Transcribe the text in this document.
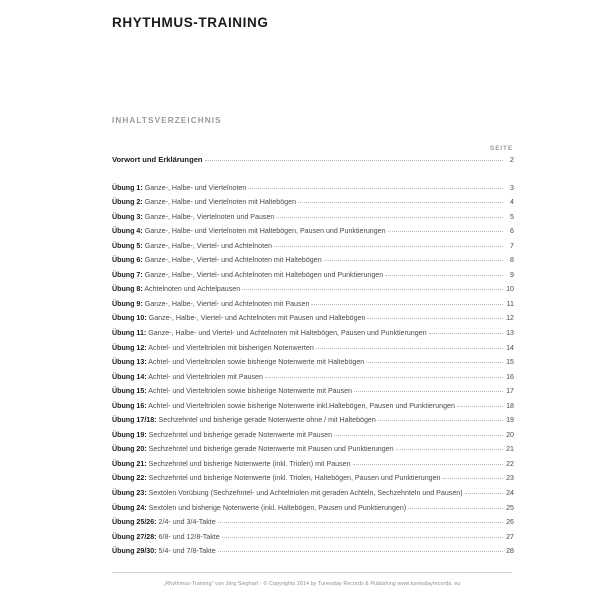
RHYTHMUS-TRAINING
INHALTSVERZEICHNIS
SEITE
Vorwort und Erklärungen	2
Übung 1: Ganze-, Halbe- und Viertelnoten	3
Übung 2: Ganze-, Halbe- und Viertelnoten mit Haltebögen	4
Übung 3: Ganze-, Halbe-, Viertelnoten und Pausen	5
Übung 4: Ganze-, Halbe- und Viertelnoten mit Haltebögen, Pausen und Punktierungen	6
Übung 5: Ganze-, Halbe-, Viertel- und Achtelnoten	7
Übung 6: Ganze-, Halbe-, Viertel- und Achtelnoten mit Haltebögen	8
Übung 7: Ganze-, Halbe-, Viertel- und Achtelnoten mit Haltebögen und Punktierungen	9
Übung 8: Achtelnoten und Achtelpausen	10
Übung 9: Ganze-, Halbe-, Viertel- und Achtelnoten mit Pausen	11
Übung 10: Ganze-, Halbe-, Viertel- und Achtelnoten mit Pausen und Haltebögen	12
Übung 11: Ganze-, Halbe- und Viertel- und Achtelnoten mit Haltebögen, Pausen und Punktierungen	13
Übung 12: Achtel- und Vierteltriolen mit bisherigen Notenwerten	14
Übung 13: Achtel- und Vierteltriolen sowie bisherige Notenwerte mit Haltebögen	15
Übung 14: Achtel- und Vierteltriolen mit Pausen	16
Übung 15: Achtel- und Vierteltriolen sowie bisherige Notenwerte mit Pausen	17
Übung 16: Achtel- und Vierteltriolen sowie bisherige Notenwerte inkl.Haltebögen, Pausen und Punktierungen	18
Übung 17/18: Sechzehntel und bisherige gerade Notenwerte ohne / mit Haltebögen	19
Übung 19: Sechzehntel und bisherige gerade Notenwerte mit Pausen	20
Übung 20: Sechzehntel und bisherige gerade Notenwerte mit Pausen und Punktierungen	21
Übung 21: Sechzehntel und bisherige Notenwerte (inkl. Triolen) mit Pausen	22
Übung 22: Sechzehntel und bisherige Notenwerte (inkl. Triolen, Haltebögen, Pausen und Punktierungen	23
Übung 23: Sextolen Vorübung (Sechzehntel- und Achteltriolen mit geraden Achteln, Sechzehnteln und Pausen)	24
Übung 24: Sextolen und bisherige Notenwerte (inkl. Haltebögen, Pausen und Punktierungen)	25
Übung 25/26: 2/4- und 3/4-Takte	26
Übung 27/28: 6/8- und 12/8-Takte	27
Übung 29/30: 5/4- und 7/8-Takte	28
„Rhythmus-Training" von Jörg Sieghart · © Copyrights 2014 by Tunesday Records & Publishing www.tunesdayrecords. eu
